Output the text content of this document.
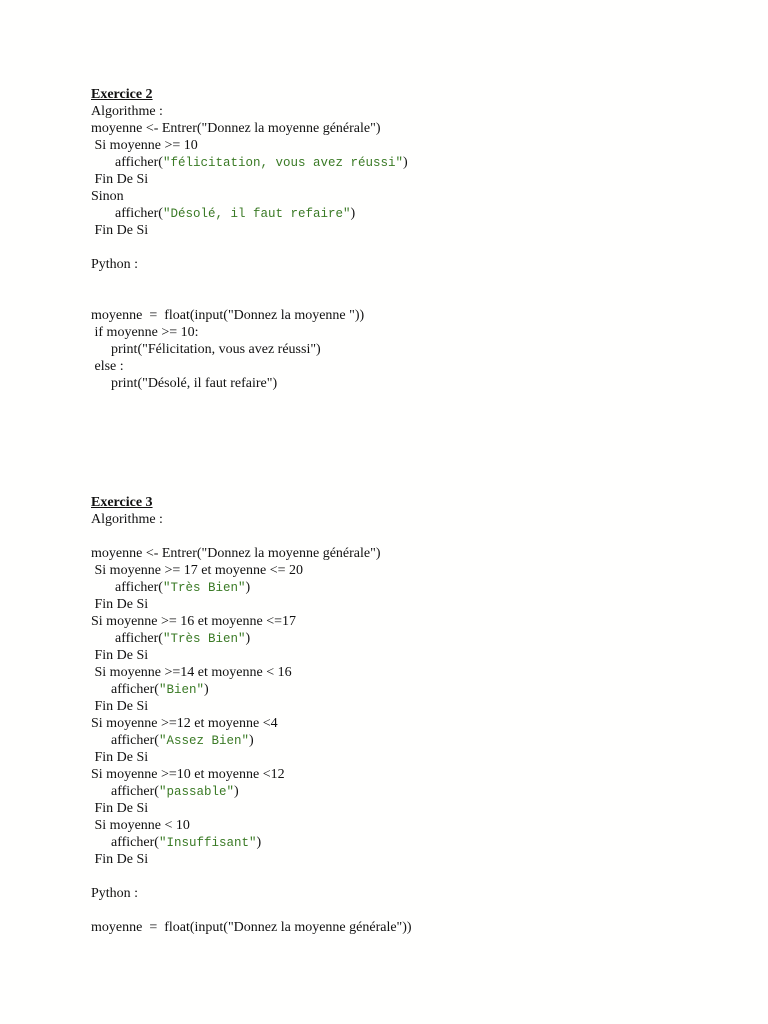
Exercice 2
Algorithme :
moyenne <- Entrer("Donnez la moyenne générale")
Si moyenne >= 10
afficher("félicitation, vous avez réussi")
Fin De Si
Sinon
afficher("Désolé, il faut refaire")
Fin De Si
Python :
moyenne  =  float(input("Donnez la moyenne "))
if moyenne >= 10:
print("Félicitation, vous avez réussi")
else :
print("Désolé, il faut refaire")
Exercice 3
Algorithme :
moyenne <- Entrer("Donnez la moyenne générale")
Si moyenne >= 17 et moyenne <= 20
afficher("Très Bien")
Fin De Si
Si moyenne >= 16 et moyenne <=17
afficher("Très Bien")
Fin De Si
Si moyenne >=14 et moyenne < 16
afficher("Bien")
Fin De Si
Si moyenne >=12 et moyenne <4
afficher("Assez Bien")
Fin De Si
Si moyenne >=10 et moyenne <12
afficher("passable")
Fin De Si
Si moyenne < 10
afficher("Insuffisant")
Fin De Si
Python :
moyenne  =  float(input("Donnez la moyenne générale"))
